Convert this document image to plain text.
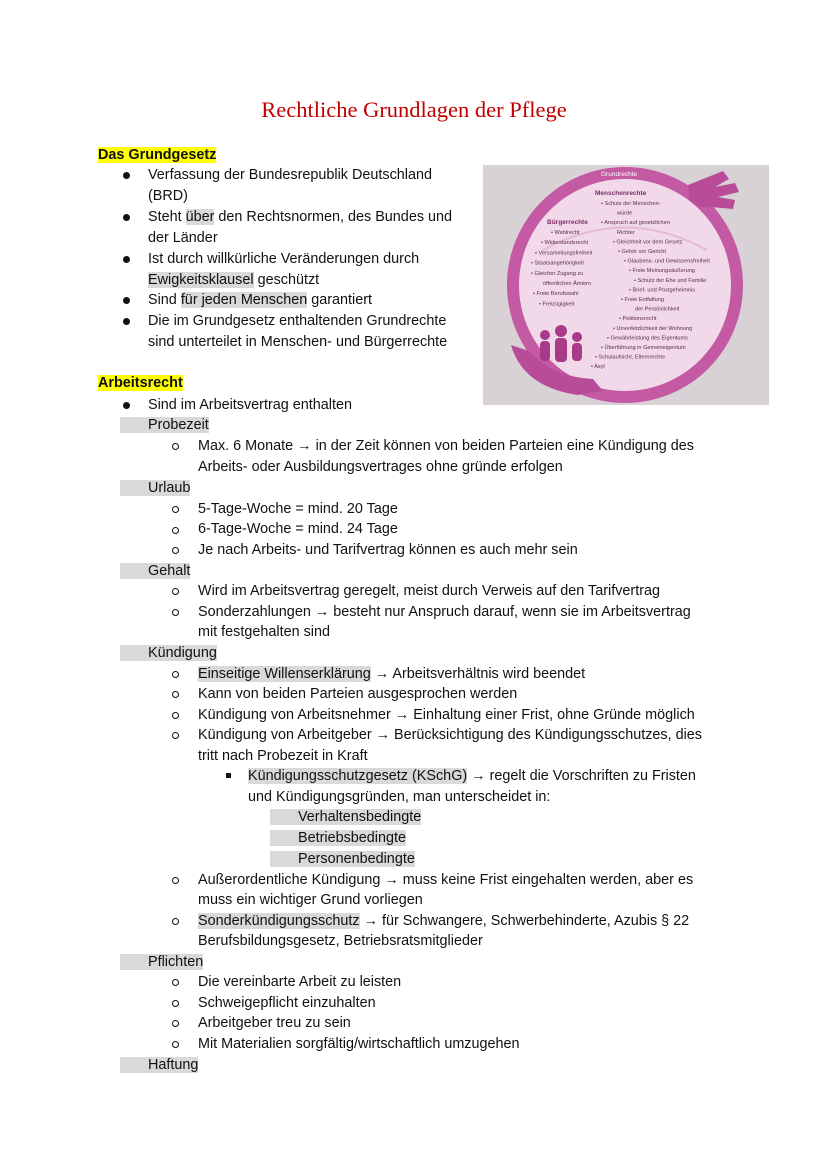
Rechtliche Grundlagen der Pflege
Das Grundgesetz
Verfassung der Bundesrepublik Deutschland
(BRD)
Steht über den Rechtsnormen, des Bundes und
der Länder
Ist durch willkürliche Veränderungen durch
Ewigkeitsklausel geschützt
Sind für jeden Menschen garantiert
Die im Grundgesetz enthaltenden Grundrechte
sind unterteilet in Menschen- und Bürgerrechte
Grundrechte
Menschenrechte
• Schutz der Menschen-
würde
• Anspruch auf gesetzlichen
Richter
• Gleichheit vor dem Gesetz
• Gehör vor Gericht
• Glaubens- und Gewissensfreiheit
• Freie Meinungsäußerung
• Schutz der Ehe und Familie
• Brief- und Postgeheimnis
• Freie Entfaltung
der Persönlichkeit
• Petitionsrecht
• Unverletzlichkeit der Wohnung
• Gewährleistung des Eigentums
• Überführung in Gemeineigentum
• Schulaufsicht, Elternrechte
• Asyl
Bürgerrechte
• Wahlrecht
• Widerstandsrecht
• Versammlungsfreiheit
• Staatsangehörigkeit
• Gleicher Zugang zu
öffentlichen Ämtern
• Freie Berufswahl
• Freizügigkeit
Arbeitsrecht
Sind im Arbeitsvertrag enthalten
Probezeit
Max. 6 Monate → in der Zeit können von beiden Parteien eine Kündigung des
Arbeits- oder Ausbildungsvertrages ohne gründe erfolgen
Urlaub
5-Tage-Woche = mind. 20 Tage
6-Tage-Woche = mind. 24 Tage
Je nach Arbeits- und Tarifvertrag können es auch mehr sein
Gehalt
Wird im Arbeitsvertrag geregelt, meist durch Verweis auf den Tarifvertrag
Sonderzahlungen → besteht nur Anspruch darauf, wenn sie im Arbeitsvertrag
mit festgehalten sind
Kündigung
Einseitige Willenserklärung → Arbeitsverhältnis wird beendet
Kann von beiden Parteien ausgesprochen werden
Kündigung von Arbeitsnehmer → Einhaltung einer Frist, ohne Gründe möglich
Kündigung von Arbeitgeber → Berücksichtigung des Kündigungsschutzes, dies
tritt nach Probezeit in Kraft
Kündigungsschutzgesetz (KSchG) → regelt die Vorschriften zu Fristen
und Kündigungsgründen, man unterscheidet in:
Verhaltensbedingte
Betriebsbedingte
Personenbedingte
Außerordentliche Kündigung → muss keine Frist eingehalten werden, aber es
muss ein wichtiger Grund vorliegen
Sonderkündigungsschutz → für Schwangere, Schwerbehinderte, Azubis § 22
Berufsbildungsgesetz, Betriebsratsmitglieder
Pflichten
Die vereinbarte Arbeit zu leisten
Schweigepflicht einzuhalten
Arbeitgeber treu zu sein
Mit Materialien sorgfältig/wirtschaftlich umzugehen
Haftung
